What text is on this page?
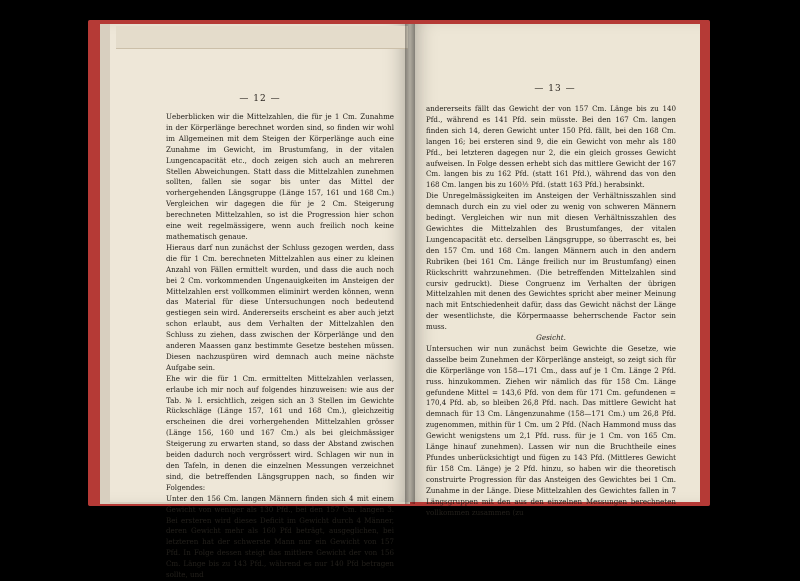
— 12 —
Ueberblicken wir die Mittelzahlen, die für je 1 Cm. Zunahme in der Körperlänge berechnet worden sind, so finden wir wohl im Allgemeinen mit dem Steigen der Körperlänge auch eine Zunahme im Gewicht, im Brustumfang, in der vitalen Lungencapacität etc., doch zeigen sich auch an mehreren Stellen Abweichungen. Statt dass die Mittelzahlen zunehmen sollten, fallen sie sogar bis unter das Mittel der vorhergehenden Längsgruppe (Länge 157, 161 und 168 Cm.) Vergleichen wir dagegen die für je 2 Cm. Steigerung berechneten Mittelzahlen, so ist die Progression hier schon eine weit regelmässigere, wenn auch freilich noch keine mathematisch genaue.
Hieraus darf nun zunächst der Schluss gezogen werden, dass die für 1 Cm. berechneten Mittelzahlen aus einer zu kleinen Anzahl von Fällen ermittelt wurden, und dass die auch noch bei 2 Cm. vorkommenden Ungenauigkeiten im Ansteigen der Mittelzahlen erst vollkommen eliminirt werden können, wenn das Material für diese Untersuchungen noch bedeutend gestiegen sein wird. Andererseits erscheint es aber auch jetzt schon erlaubt, aus dem Verhalten der Mittelzahlen den Schluss zu ziehen, dass zwischen der Körperlänge und den anderen Maassen ganz bestimmte Gesetze bestehen müssen. Diesen nachzuspüren wird demnach auch meine nächste Aufgabe sein.
Ehe wir die für 1 Cm. ermittelten Mittelzahlen verlassen, erlaube ich mir noch auf folgendes hinzuweisen: wie aus der Tab. № I. ersichtlich, zeigen sich an 3 Stellen im Gewichte Rückschläge (Länge 157, 161 und 168 Cm.), gleichzeitig erscheinen die drei vorhergehenden Mittelzahlen grösser (Länge 156, 160 und 167 Cm.) als bei gleichmässiger Steigerung zu erwarten stand, so dass der Abstand zwischen beiden dadurch noch vergrössert wird. Schlagen wir nun in den Tafeln, in denen die einzelnen Messungen verzeichnet sind, die betreffenden Längsgruppen nach, so finden wir Folgendes:
Unter den 156 Cm. langen Männern finden sich 4 mit einem Gewicht von weniger als 130 Pfd., bei den 157 Cm. langen 3. Bei ersteren wird dieses Deficit im Gewicht durch 4 Männer, deren Gewicht mehr als 160 Pfd beträgt, ausgeglichen, bei letzteren hat der schwerste Mann nur ein Gewicht von 157 Pfd. In Folge dessen steigt das mittlere Gewicht der von 156 Cm. Länge bis zu 143 Pfd., während es nur 140 Pfd betragen sollte, und
— 13 —
andererseits fällt das Gewicht der von 157 Cm. Länge bis zu 140 Pfd., während es 141 Pfd. sein müsste. Bei den 167 Cm. langen finden sich 14, deren Gewicht unter 150 Pfd. fällt, bei den 168 Cm. langen 16; bei ersteren sind 9, die ein Gewicht von mehr als 180 Pfd., bei letzteren dagegen nur 2, die ein gleich grosses Gewicht aufweisen. In Folge dessen erhebt sich das mittlere Gewicht der 167 Cm. langen bis zu 162 Pfd. (statt 161 Pfd.), während das von den 168 Cm. langen bis zu 160½ Pfd. (statt 163 Pfd.) herabsinkt.
Die Unregelmässigkeiten im Ansteigen der Verhältnisszahlen sind demnach durch ein zu viel oder zu wenig von schweren Männern bedingt. Vergleichen wir nun mit diesen Verhältnisszahlen des Gewichtes die Mittelzahlen des Brustumfanges, der vitalen Lungencapacität etc. derselben Längsgruppe, so überrascht es, bei den 157 Cm. und 168 Cm. langen Männern auch in den andern Rubriken (bei 161 Cm. Länge freilich nur im Brustumfang) einen Rückschritt wahrzunehmen. (Die betreffenden Mittelzahlen sind cursiv gedruckt). Diese Congruenz im Verhalten der übrigen Mittelzahlen mit denen des Gewichtes spricht aber meiner Meinung nach mit Entschiedenheit dafür, dass das Gewicht nächst der Länge der wesentlichste, die Körpermaasse beherrschende Factor sein muss.

Gesicht.
Untersuchen wir nun zunächst beim Gewichte die Gesetze, wie dasselbe beim Zunehmen der Körperlänge ansteigt, so zeigt sich für die Körperlänge von 158—171 Cm., dass auf je 1 Cm. Länge 2 Pfd. russ. hinzukommen. Ziehen wir nämlich das für 158 Cm. Länge gefundene Mittel = 143,6 Pfd. von dem für 171 Cm. gefundenen = 170,4 Pfd. ab, so bleiben 26,8 Pfd. nach. Das mittlere Gewicht hat demnach für 13 Cm. Längenzunahme (158—171 Cm.) um 26,8 Pfd. zugenommen, mithin für 1 Cm. um 2 Pfd. (Nach Hammond muss das Gewicht wenigstens um 2,1 Pfd. russ. für je 1 Cm. von 165 Cm. Länge hinauf zunehmen). Lassen wir nun die Bruchtheile eines Pfundes unberücksichtigt und fügen zu 143 Pfd. (Mittleres Gewicht für 158 Cm. Länge) je 2 Pfd. hinzu, so haben wir die theoretisch construirte Progression für das Ansteigen des Gewichtes bei 1 Cm. Zunahme in der Länge. Diese Mittelzahlen des Gewichtes fallen in 7 Längsgruppen mit den aus den einzelnen Messungen berechneten vollkommen zusammen (zu
